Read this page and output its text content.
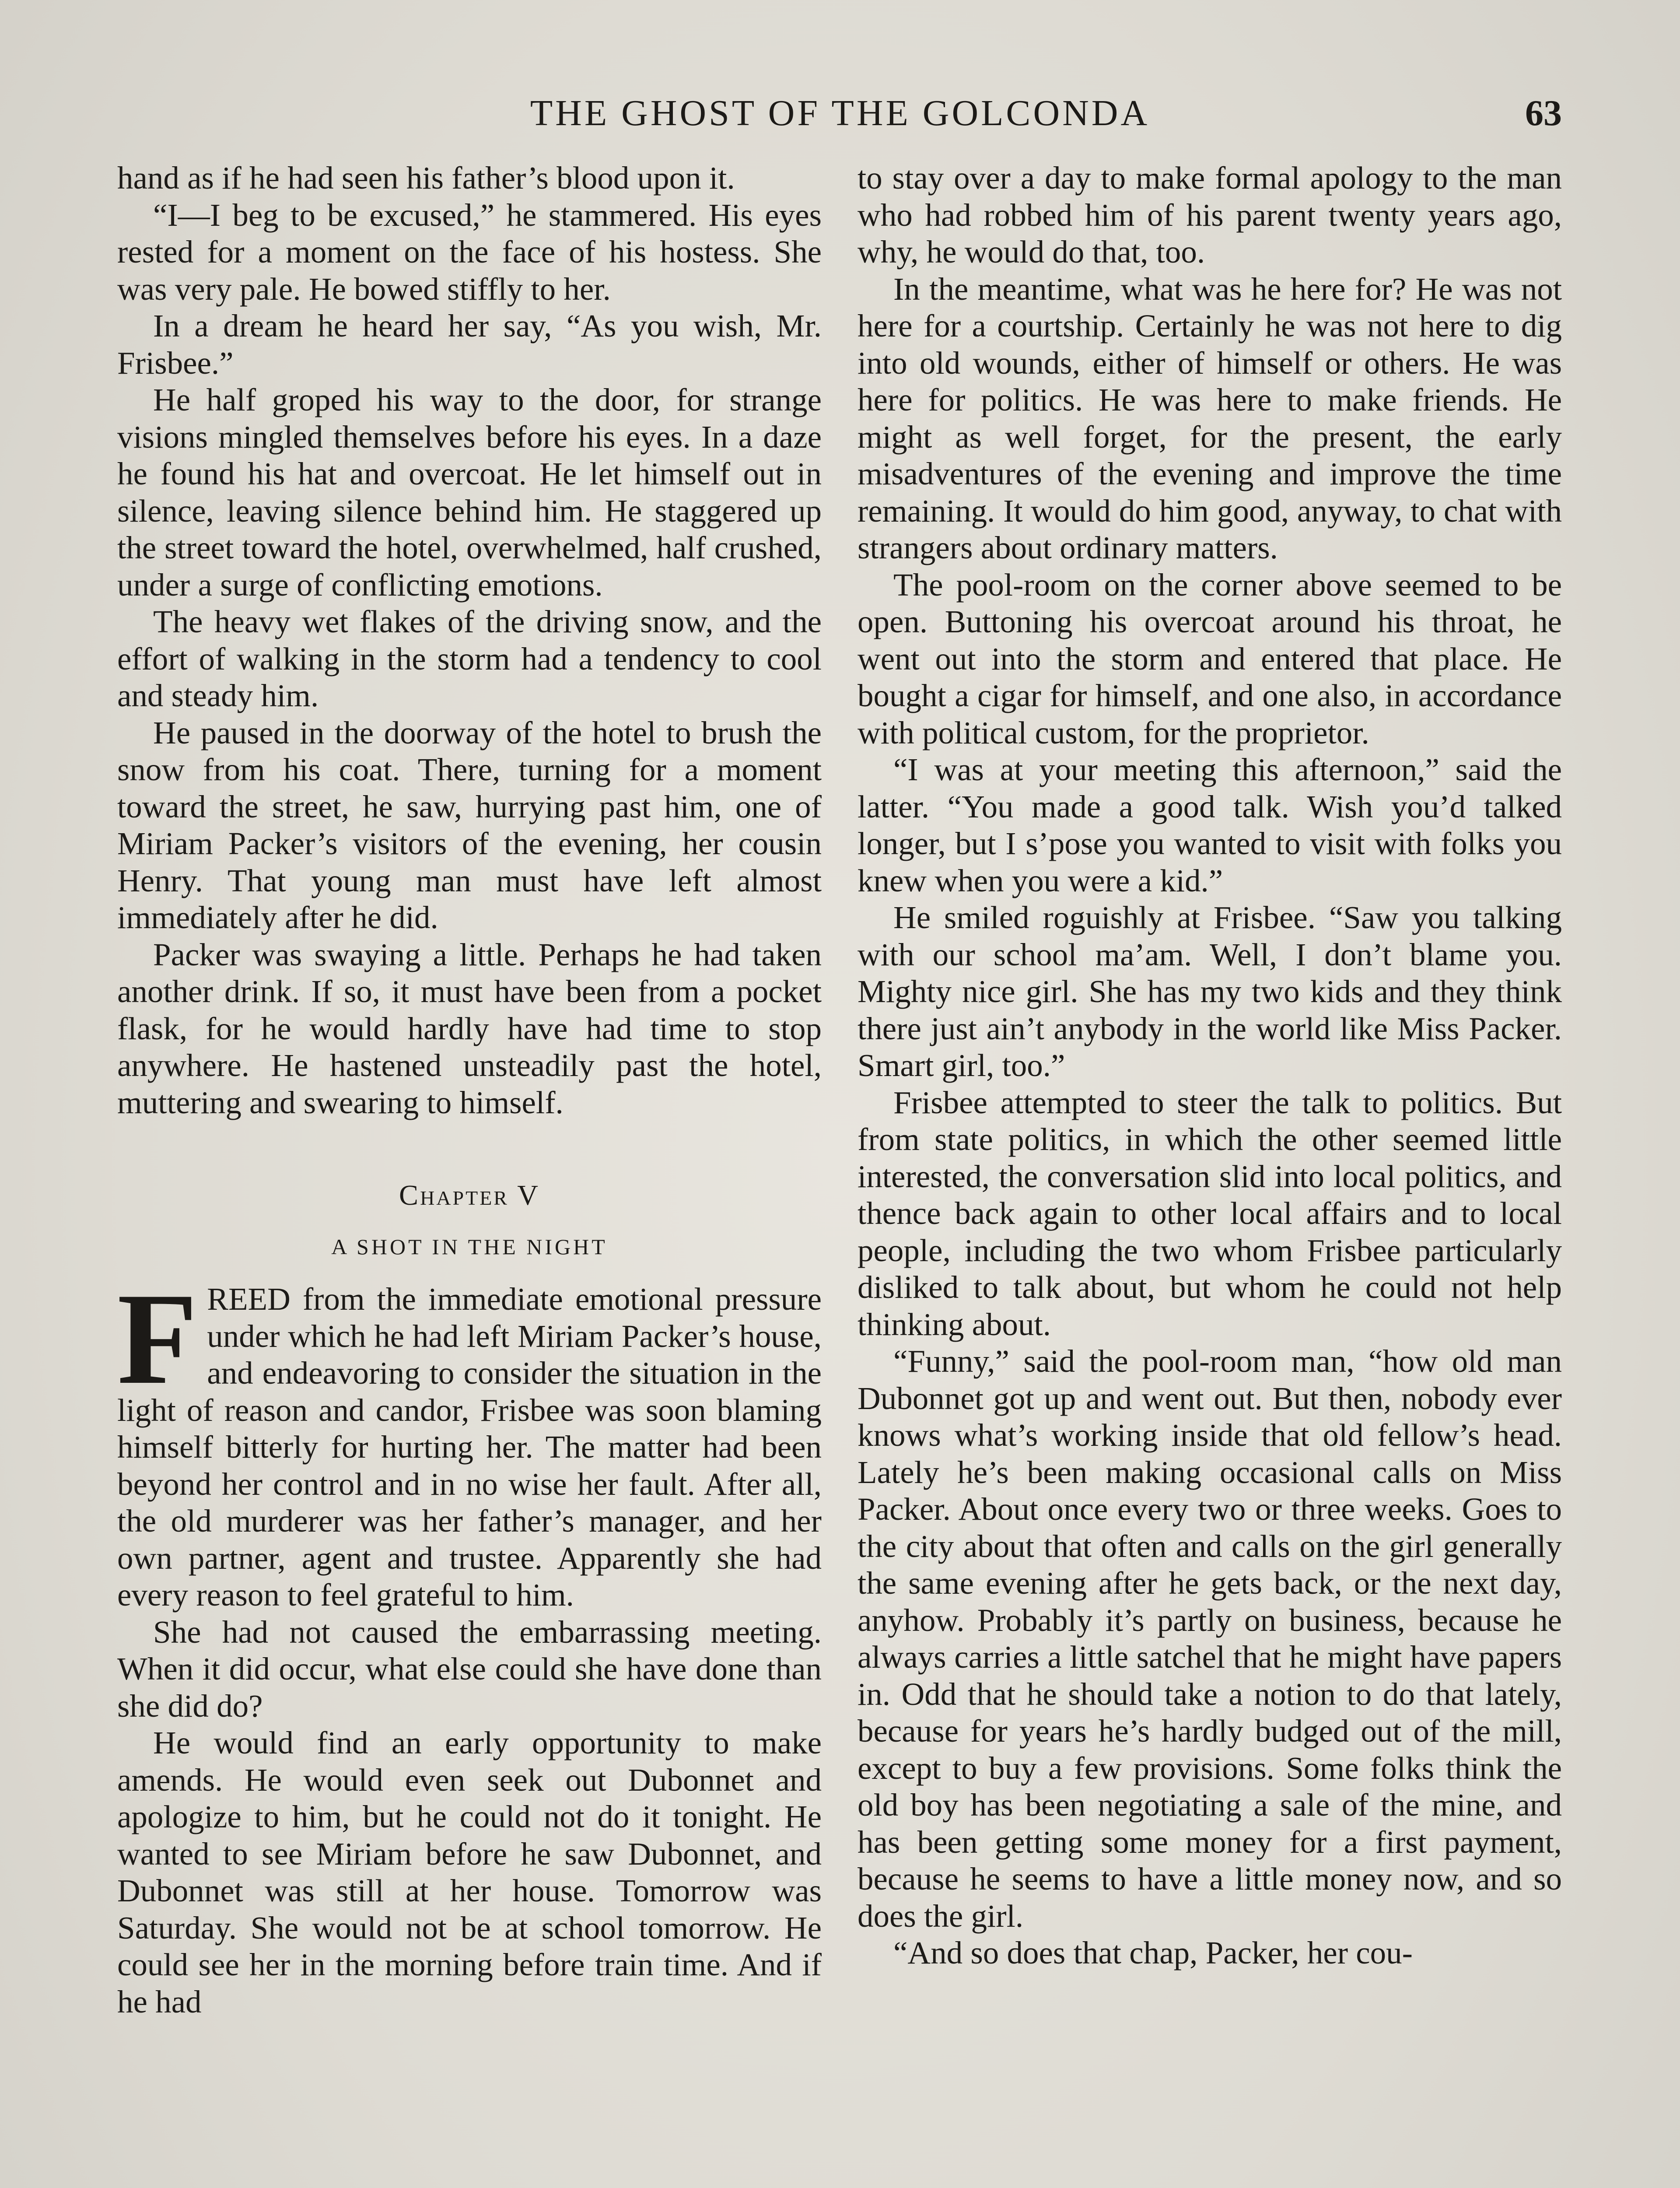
THE GHOST OF THE GOLCONDA	63

hand as if he had seen his father’s blood upon it.

“I—I beg to be excused,” he stammered. His eyes rested for a moment on the face of his hostess. She was very pale. He bowed stiffly to her.

In a dream he heard her say, “As you wish, Mr. Frisbee.”

He half groped his way to the door, for strange visions mingled themselves before his eyes. In a daze he found his hat and overcoat. He let himself out in silence, leaving silence behind him. He staggered up the street toward the hotel, overwhelmed, half crushed, under a surge of conflicting emotions.

The heavy wet flakes of the driving snow, and the effort of walking in the storm had a tendency to cool and steady him.

He paused in the doorway of the hotel to brush the snow from his coat. There, turning for a moment toward the street, he saw, hurrying past him, one of Miriam Packer’s visitors of the evening, her cousin Henry. That young man must have left almost immediately after he did.

Packer was swaying a little. Perhaps he had taken another drink. If so, it must have been from a pocket flask, for he would hardly have had time to stop anywhere. He hastened unsteadily past the hotel, muttering and swearing to himself.

Chapter V
A SHOT IN THE NIGHT
F REED from the immediate emotional pressure under which he had left Miriam Packer’s house, and endeavoring to consider the situation in the light of reason and candor, Frisbee was soon blaming himself bitterly for hurting her. The matter had been beyond her control and in no wise her fault. After all, the old murderer was her father’s manager, and her own partner, agent and trustee. Apparently she had every reason to feel grateful to him.

She had not caused the embarrassing meeting. When it did occur, what else could she have done than she did do?

He would find an early opportunity to make amends. He would even seek out Dubonnet and apologize to him, but he could not do it tonight. He wanted to see Miriam before he saw Dubonnet, and Dubonnet was still at her house. Tomorrow was Saturday. She would not be at school tomorrow. He could see her in the morning before train time. And if he had

to stay over a day to make formal apology to the man who had robbed him of his parent twenty years ago, why, he would do that, too.

In the meantime, what was he here for? He was not here for a courtship. Certainly he was not here to dig into old wounds, either of himself or others. He was here for politics. He was here to make friends. He might as well forget, for the present, the early misadventures of the evening and improve the time remaining. It would do him good, anyway, to chat with strangers about ordinary matters.

The pool-room on the corner above seemed to be open. Buttoning his overcoat around his throat, he went out into the storm and entered that place. He bought a cigar for himself, and one also, in accordance with political custom, for the proprietor.

“I was at your meeting this afternoon,” said the latter. “You made a good talk. Wish you’d talked longer, but I s’pose you wanted to visit with folks you knew when you were a kid.”

He smiled roguishly at Frisbee. “Saw you talking with our school ma’am. Well, I don’t blame you. Mighty nice girl. She has my two kids and they think there just ain’t anybody in the world like Miss Packer. Smart girl, too.”

Frisbee attempted to steer the talk to politics. But from state politics, in which the other seemed little interested, the conversation slid into local politics, and thence back again to other local affairs and to local people, including the two whom Frisbee particularly disliked to talk about, but whom he could not help thinking about.

“Funny,” said the pool-room man, “how old man Dubonnet got up and went out. But then, nobody ever knows what’s working inside that old fellow’s head. Lately he’s been making occasional calls on Miss Packer. About once every two or three weeks. Goes to the city about that often and calls on the girl generally the same evening after he gets back, or the next day, anyhow. Probably it’s partly on business, because he always carries a little satchel that he might have papers in. Odd that he should take a notion to do that lately, because for years he’s hardly budged out of the mill, except to buy a few provisions. Some folks think the old boy has been negotiating a sale of the mine, and has been getting some money for a first payment, because he seems to have a little money now, and so does the girl.

“And so does that chap, Packer, her cou-
